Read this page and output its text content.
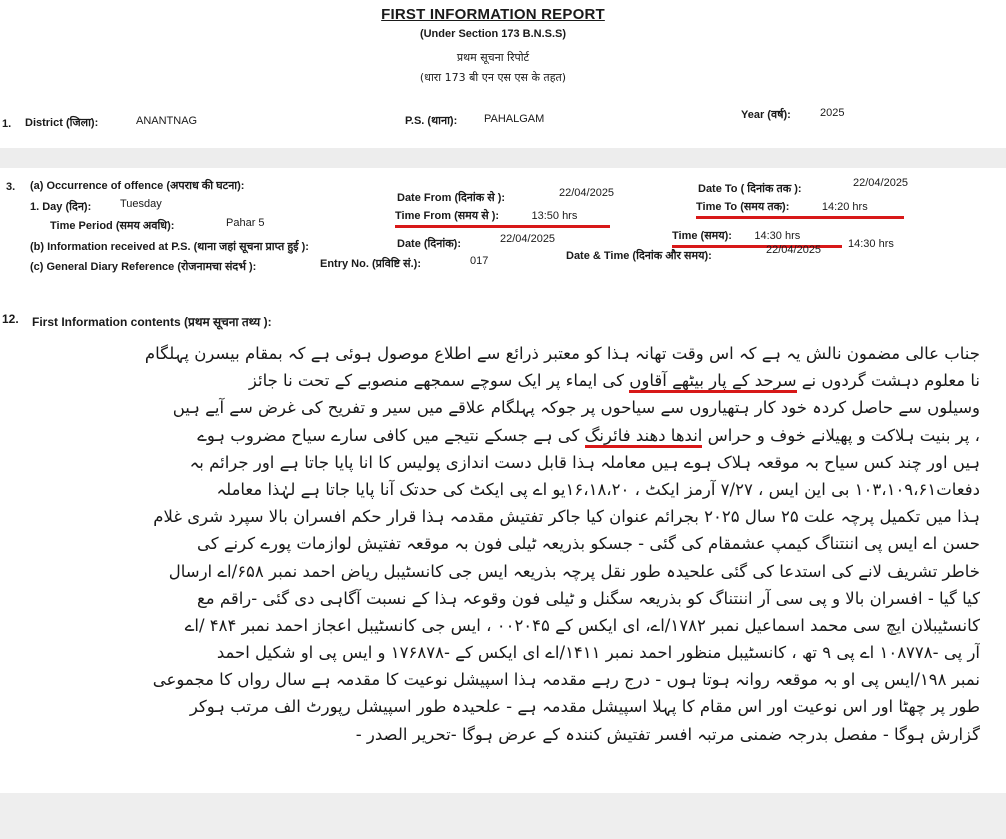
FIRST INFORMATION REPORT
(Under Section 173 B.N.S.S)
प्रथम सूचना रिपोर्ट
(धारा 173 बी एन एस एस के तहत)
1. District (जिला):	ANANTNAG	P.S. (थाना): PAHALGAM	Year (वर्ष):	2025
3. (a) Occurrence of offence (अपराध की घटना):
1. Day (दिन):	Tuesday
Time Period (समय अवधि):	Pahar 5
Date From (दिनांक से ):	22/04/2025
Time From (समय से ):	13:50 hrs
Date To ( दिनांक तक ):	22/04/2025
Time To (समय तक):	14:20 hrs
(b) Information received at P.S. (थाना जहां सूचना प्राप्त हुई ):	Date (दिनांक):	22/04/2025	Time (समय): 14:30 hrs
(c) General Diary Reference (रोजनामचा संदर्भ ):	Entry No. (प्रविष्टि सं.):	017	Date & Time (दिनांक और समय):	22/04/2025 14:30 hrs
12. First Information contents (प्रथम सूचना तथ्य ):
جناب عالی مضمون نالش یہ ہے کہ اس وقت تھانہ ہذا کو معتبر ذرائع سے اطلاع موصول ہوئی ہے کہ بمقام بیسرن پہلگام
نا معلوم دہشت گردوں نے سرحد کے پار بیٹھے آقاوں کی ایماء پر ایک سوچے سمجھے منصوبے کے تحت نا جائز
وسیلوں سے حاصل کردہ خود کار ہتھیاروں سے سیاحوں پر جوکہ پہلگام علاقے میں سیر و تفریح کی غرض سے آیے ہیں
، پر بنیت ہلاکت و پھیلانے خوف و حراس اندھا دھند فائرنگ کی ہے جسکے نتیجے میں کافی سارے سیاح مضروب ہوے
ہیں اور چند کس سیاح بہ موقعہ ہلاک ہوے ہیں معاملہ ہذا قابل دست اندازی پولیس کا انا پایا جاتا ہے اور جرائم بہ
دفعات۱۰۳،۱۰۹،۶۱ بی این ایس ، ۷/۲۷ آرمز ایکٹ ، ۱۶،۱۸،۲۰یو اے پی ایکٹ کی حدتک آنا پایا جاتا ہے لہٰذا معاملہ
ہذا میں تکمیل پرچہ علت ۲۵ سال ۲۰۲۵ بجرائم عنوان کیا جاکر تفتیش مقدمہ ہذا قرار حکم افسران بالا سپرد شری غلام
حسن اے ایس پی اننتناگ کیمپ عشمقام کی گئی - جسکو بذریعہ ٹیلی فون بہ موقعہ تفتیش لوازمات پورے کرنے کی
خاطر تشریف لانے کی استدعا کی گئی علحیدہ طور نقل پرچہ بذریعہ ایس جی کانسٹیبل ریاض احمد نمبر ۶۵۸/اے ارسال
کیا گیا - افسران بالا و پی سی آر اننتناگ کو بذریعہ سگنل و ٹیلی فون وقوعہ ہذا کے نسبت آگاہی دی گئی -راقم مع
کانسٹیبلان ایچ سی محمد اسماعیل نمبر ۱۷۸۲/اے، ای ایکس کے ۰۰۲۰۴۵ ، ایس جی کانسٹیبل اعجاز احمد نمبر ۴۸۴ /اے
آر پی -۱۰۸۷۷۸ اے پی ۹ تھ ، کانسٹیبل منظور احمد نمبر ۱۴۱۱/اے ای ایکس کے -۱۷۶۸۷۸ و ایس پی او شکیل احمد
نمبر ۱۹۸/ایس پی او بہ موقعہ روانہ ہوتا ہوں - درج رہے مقدمہ ہذا اسپیشل نوعیت کا مقدمہ ہے سال رواں کا مجموعی
طور پر چھٹا اور اس نوعیت اور اس مقام کا پہلا اسپیشل مقدمہ ہے - علحیدہ طور اسپیشل رپورٹ الف مرتب ہوکر
گزارش ہوگا - مفصل بدرجہ ضمنی مرتبہ افسر تفتیش کنندہ کے عرض ہوگا -تحریر الصدر -
